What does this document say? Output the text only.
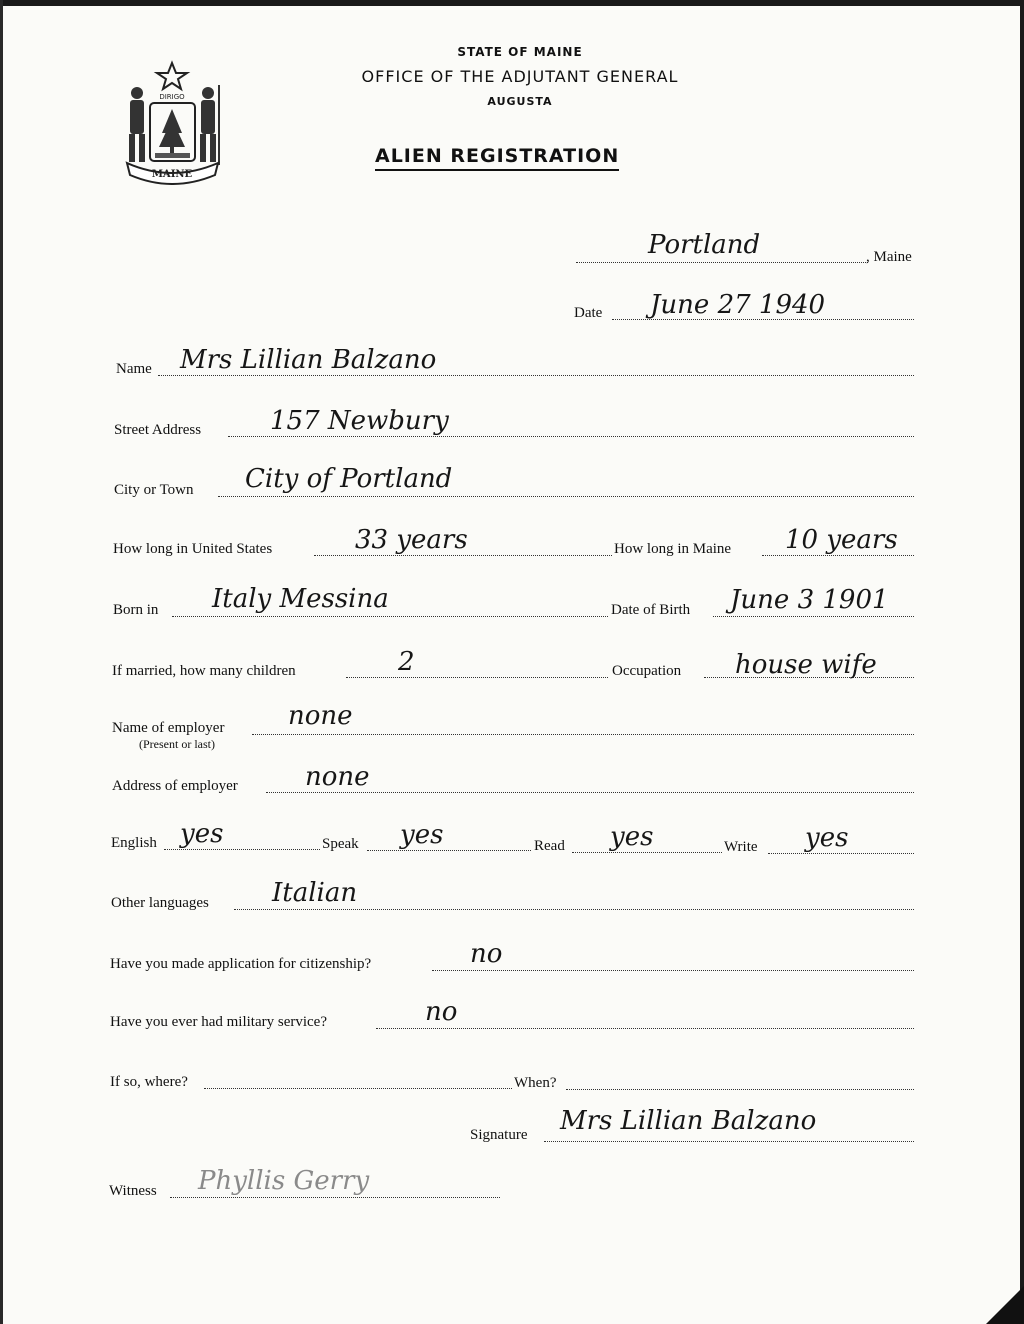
DIRIGO
MAINE
STATE OF MAINE
OFFICE OF THE ADJUTANT GENERAL
AUGUSTA
ALIEN REGISTRATION
Portland	, Maine
Date June 27 1940
Name Mrs Lillian Balzano
Street Address	157 Newbury
City or Town City of Portland
How long in United States	33 years	How long in Maine 10 years
Born in Italy Messina	Date of Birth June 3 1901
If married, how many children	2	Occupation house wife
Name of employer
(Present or last)
none
Address of employer	none
English yes	Speak yes	Read yes	Write yes
Other languages Italian
Have you made application for citizenship?	no
Have you ever had military service?	no
If so, where?	When?
Signature Mrs Lillian Balzano
Witness Phyllis Gerry
